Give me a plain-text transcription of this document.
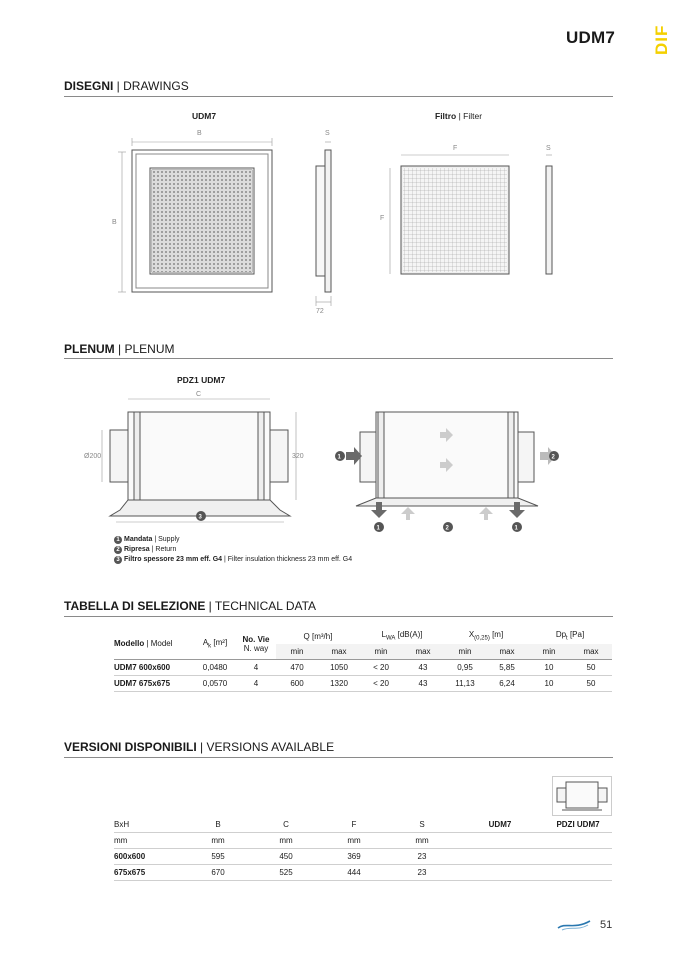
UDM7 DIF
DISEGNI | DRAWINGS
UDM7	Filtro | Filter
B
B
S
72
F
F
S
PLENUM | PLENUM
PDZ1 UDM7
C
Ø200	320
3
1	2
1	2	1
1 Mandata | Supply
2 Ripresa | Return
3 Filtro spessore 23 mm eff. G4 | Filter insulation thickness 23 mm eff. G4
TABELLA DI SELEZIONE | TECHNICAL DATA
Modello | Model	$A_k$ [m²]	No. Vie
N. way	Q [m³/h]		$L_{WA}$ [dB(A)]		$X_{(0,25)}$ [m]		$Dp_t$ [Pa]	
			min	max	min	max	min	max	min	max
UDM7 600x600	0,0480	4	470	1050	< 20	43	0,95	5,85	10	50
UDM7 675x675	0,0570	4	600	1320	< 20	43	11,13	6,24	10	50
VERSIONI DISPONIBILI | VERSIONS AVAILABLE
BxH	B	C	F	S	UDM7	PDZI UDM7
mm	mm	mm	mm	mm		
600x600	595	450	369	23		
675x675	670	525	444	23		
51
